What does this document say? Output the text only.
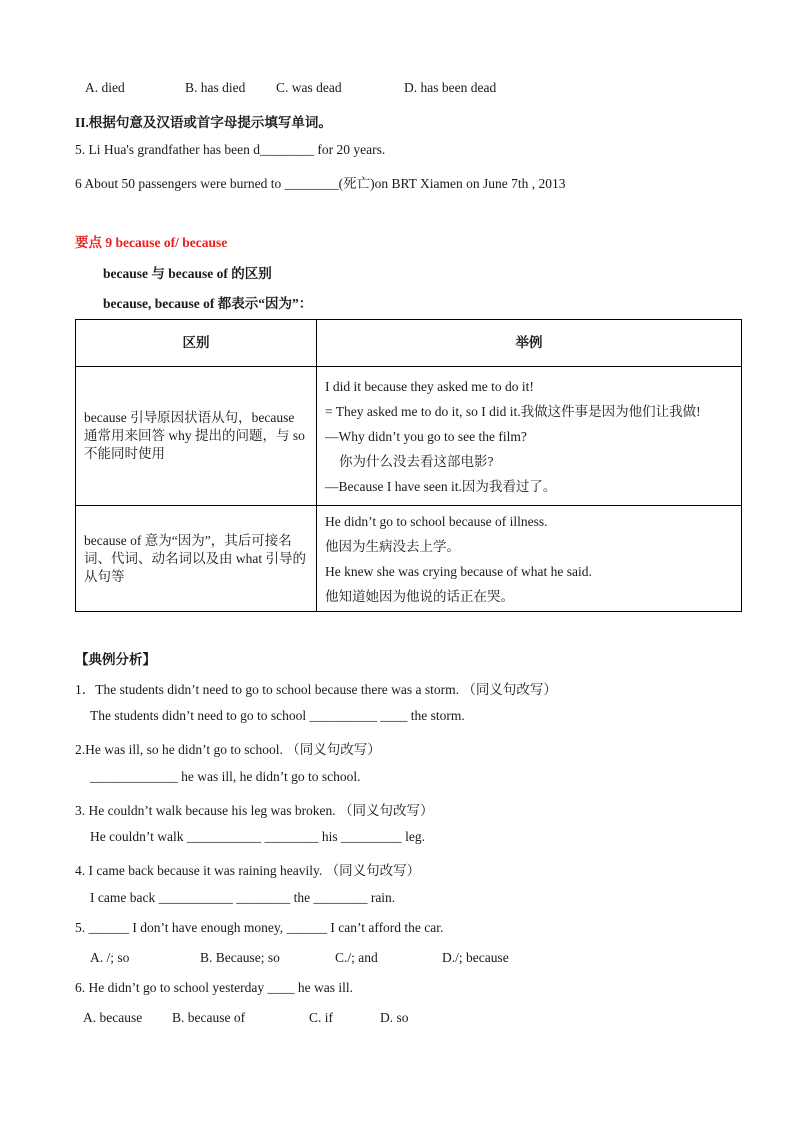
A. died	B. has died C. was dead	D. has been dead
II.根据句意及汉语或首字母提示填写单词。
5. Li Hua's grandfather has been d________ for 20 years.
6 About 50 passengers were burned to ________(死亡)on BRT Xiamen on June 7th , 2013
要点 9 because of/ because
because 与 because of 的区别
because, because of 都表示“因为”：
区别	举例
because 引导原因状语从句，because 通常用来回答 why 提出的问题，与 so 不能同时使用	I did it because they asked me to do it!
= They asked me to do it, so I did it.我做这件事是因为他们让我做!
—Why didn’t you go to see the film?
你为什么没去看这部电影?
—Because I have seen it.因为我看过了。

because of 意为“因为”，其后可接名词、代词、动名词以及由 what 引导的从句等	He didn’t go to school because of illness.
他因为生病没去上学。
He knew she was crying because of what he said.
他知道她因为他说的话正在哭。
【典例分析】
1．The students didn’t need to go to school because there was a storm. （同义句改写）
The students didn’t need to go to school __________ ____ the storm.
2.He was ill, so he didn’t go to school. （同义句改写）
_____________ he was ill, he didn’t go to school.
3. He couldn’t walk because his leg was broken. （同义句改写）
He couldn’t walk ___________ ________ his _________ leg.
4. I came back because it was raining heavily. （同义句改写）
I came back ___________ ________ the ________ rain.
5. ______ I don’t have enough money, ______ I can’t afford the car.
A. /; so	B. Because; so	C./; and	D./; because
6. He didn’t go to school yesterday ____ he was ill.
A. because B. because of	C. if	D. so
